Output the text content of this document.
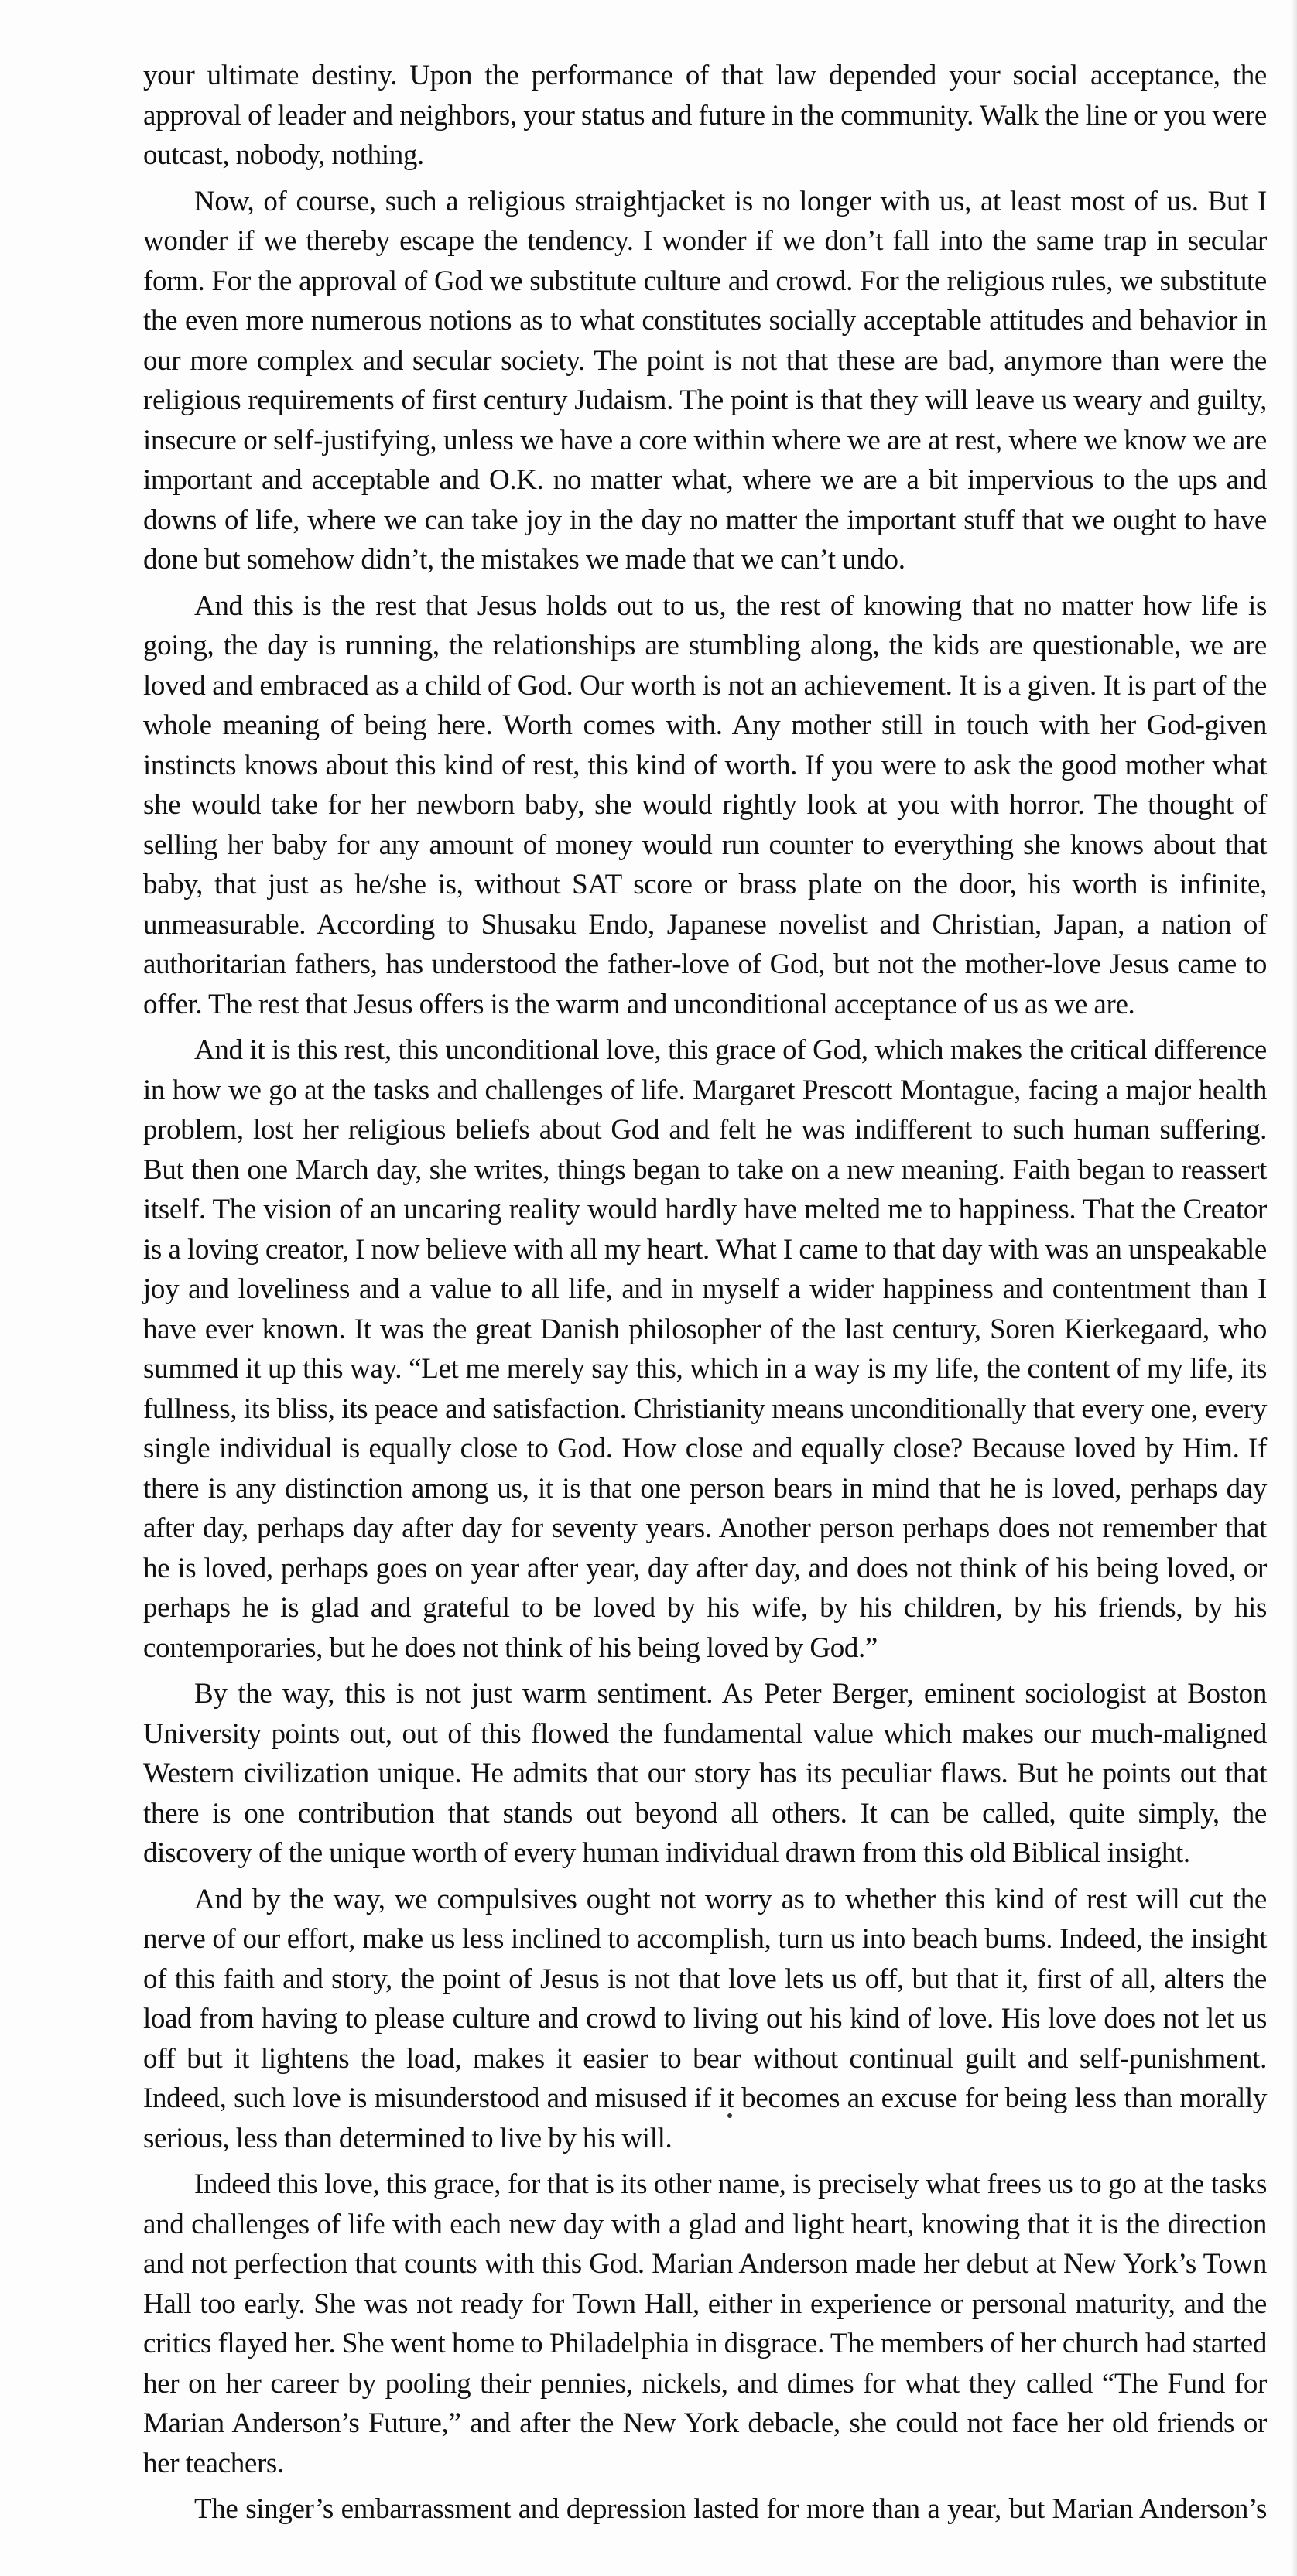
your ultimate destiny. Upon the performance of that law depended your social acceptance, the approval of leader and neighbors, your status and future in the community. Walk the line or you were outcast, nobody, nothing.

Now, of course, such a religious straightjacket is no longer with us, at least most of us. But I wonder if we thereby escape the tendency. I wonder if we don’t fall into the same trap in secular form. For the approval of God we substitute culture and crowd. For the religious rules, we substitute the even more numerous notions as to what constitutes socially acceptable attitudes and behavior in our more complex and secular society. The point is not that these are bad, anymore than were the religious requirements of first century Judaism. The point is that they will leave us weary and guilty, insecure or self-justifying, unless we have a core within where we are at rest, where we know we are important and acceptable and O.K. no matter what, where we are a bit impervious to the ups and downs of life, where we can take joy in the day no matter the important stuff that we ought to have done but somehow didn’t, the mistakes we made that we can’t undo.

And this is the rest that Jesus holds out to us, the rest of knowing that no matter how life is going, the day is running, the relationships are stumbling along, the kids are questionable, we are loved and embraced as a child of God. Our worth is not an achievement. It is a given. It is part of the whole meaning of being here. Worth comes with. Any mother still in touch with her God-given instincts knows about this kind of rest, this kind of worth. If you were to ask the good mother what she would take for her newborn baby, she would rightly look at you with horror. The thought of selling her baby for any amount of money would run counter to everything she knows about that baby, that just as he/she is, without SAT score or brass plate on the door, his worth is infinite, unmeasurable. According to Shusaku Endo, Japanese novelist and Christian, Japan, a nation of authoritarian fathers, has understood the father-love of God, but not the mother-love Jesus came to offer. The rest that Jesus offers is the warm and unconditional acceptance of us as we are.

And it is this rest, this unconditional love, this grace of God, which makes the critical difference in how we go at the tasks and challenges of life. Margaret Prescott Montague, facing a major health problem, lost her religious beliefs about God and felt he was indifferent to such human suffering. But then one March day, she writes, things began to take on a new meaning. Faith began to reassert itself. The vision of an uncaring reality would hardly have melted me to happiness. That the Creator is a loving creator, I now believe with all my heart. What I came to that day with was an unspeakable joy and loveliness and a value to all life, and in myself a wider happiness and contentment than I have ever known. It was the great Danish philosopher of the last century, Soren Kierkegaard, who summed it up this way. “Let me merely say this, which in a way is my life, the content of my life, its fullness, its bliss, its peace and satisfaction. Christianity means unconditionally that every one, every single individual is equally close to God. How close and equally close? Because loved by Him. If there is any distinction among us, it is that one person bears in mind that he is loved, perhaps day after day, perhaps day after day for seventy years. Another person perhaps does not remember that he is loved, perhaps goes on year after year, day after day, and does not think of his being loved, or perhaps he is glad and grateful to be loved by his wife, by his children, by his friends, by his contemporaries, but he does not think of his being loved by God.”

By the way, this is not just warm sentiment. As Peter Berger, eminent sociologist at Boston University points out, out of this flowed the fundamental value which makes our much-maligned Western civilization unique. He admits that our story has its peculiar flaws. But he points out that there is one contribution that stands out beyond all others. It can be called, quite simply, the discovery of the unique worth of every human individual drawn from this old Biblical insight.

And by the way, we compulsives ought not worry as to whether this kind of rest will cut the nerve of our effort, make us less inclined to accomplish, turn us into beach bums. Indeed, the insight of this faith and story, the point of Jesus is not that love lets us off, but that it, first of all, alters the load from having to please culture and crowd to living out his kind of love. His love does not let us off but it lightens the load, makes it easier to bear without continual guilt and self-punishment. Indeed, such love is misunderstood and misused if it becomes an excuse for being less than morally serious, less than determined to live by his will.

Indeed this love, this grace, for that is its other name, is precisely what frees us to go at the tasks and challenges of life with each new day with a glad and light heart, knowing that it is the direction and not perfection that counts with this God. Marian Anderson made her debut at New York’s Town Hall too early. She was not ready for Town Hall, either in experience or personal maturity, and the critics flayed her. She went home to Philadelphia in disgrace. The members of her church had started her on her career by pooling their pennies, nickels, and dimes for what they called “The Fund for Marian Anderson’s Future,” and after the New York debacle, she could not face her old friends or her teachers.

The singer’s embarrassment and depression lasted for more than a year, but Marian Anderson’s
